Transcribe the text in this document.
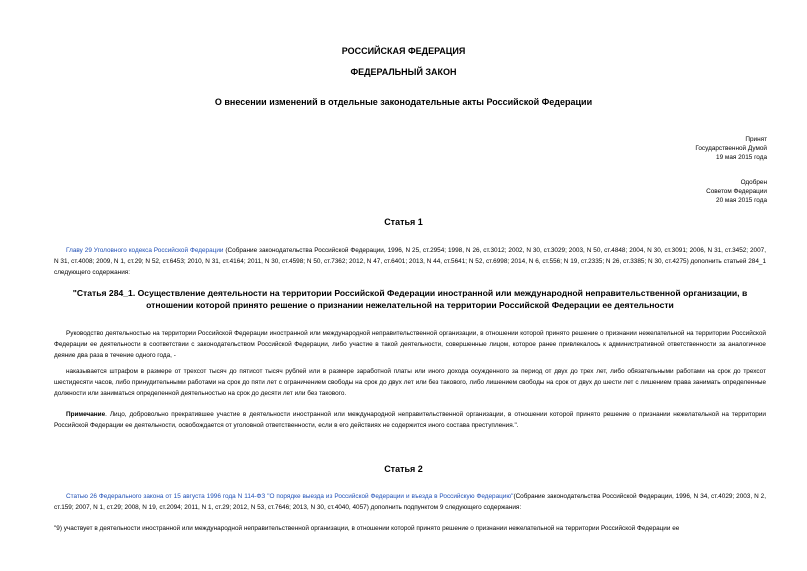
РОССИЙСКАЯ ФЕДЕРАЦИЯ
ФЕДЕРАЛЬНЫЙ ЗАКОН
О внесении изменений в отдельные законодательные акты Российской Федерации
Принят
Государственной Думой
19 мая 2015 года
Одобрен
Советом Федерации
20 мая 2015 года
Статья 1
Главу 29 Уголовного кодекса Российской Федерации (Собрание законодательства Российской Федерации, 1996, N 25, ст.2954; 1998, N 26, ст.3012; 2002, N 30, ст.3029; 2003, N 50, ст.4848; 2004, N 30, ст.3091; 2006, N 31, ст.3452; 2007, N 31, ст.4008; 2009, N 1, ст.29; N 52, ст.6453; 2010, N 31, ст.4164; 2011, N 30, ст.4598; N 50, ст.7362; 2012, N 47, ст.6401; 2013, N 44, ст.5641; N 52, ст.6998; 2014, N 6, ст.556; N 19, ст.2335; N 26, ст.3385; N 30, ст.4275) дополнить статьей 284_1 следующего содержания:
"Статья 284_1. Осуществление деятельности на территории Российской Федерации иностранной или международной неправительственной организации, в отношении которой принято решение о признании нежелательной на территории Российской Федерации ее деятельности
Руководство деятельностью на территории Российской Федерации иностранной или международной неправительственной организации, в отношении которой принято решение о признании нежелательной на территории Российской Федерации ее деятельности в соответствии с законодательством Российской Федерации, либо участие в такой деятельности, совершенные лицом, которое ранее привлекалось к административной ответственности за аналогичное деяние два раза в течение одного года, -
наказывается штрафом в размере от трехсот тысяч до пятисот тысяч рублей или в размере заработной платы или иного дохода осужденного за период от двух до трех лет, либо обязательными работами на срок до трехсот шестидесяти часов, либо принудительными работами на срок до пяти лет с ограничением свободы на срок до двух лет или без такового, либо лишением свободы на срок от двух до шести лет с лишением права занимать определенные должности или заниматься определенной деятельностью на срок до десяти лет или без такового.
Примечание. Лицо, добровольно прекратившее участие в деятельности иностранной или международной неправительственной организации, в отношении которой принято решение о признании нежелательной на территории Российской Федерации ее деятельности, освобождается от уголовной ответственности, если в его действиях не содержится иного состава преступления.".
Статья 2
Статью 26 Федерального закона от 15 августа 1996 года N 114-ФЗ "О порядке выезда из Российской Федерации и въезда в Российскую Федерацию"(Собрание законодательства Российской Федерации, 1996, N 34, ст.4029; 2003, N 2, ст.159; 2007, N 1, ст.29; 2008, N 19, ст.2094; 2011, N 1, ст.29; 2012, N 53, ст.7646; 2013, N 30, ст.4040, 4057) дополнить подпунктом 9 следующего содержания:
"9) участвует в деятельности иностранной или международной неправительственной организации, в отношении которой принято решение о признании нежелательной на территории Российской Федерации ее
